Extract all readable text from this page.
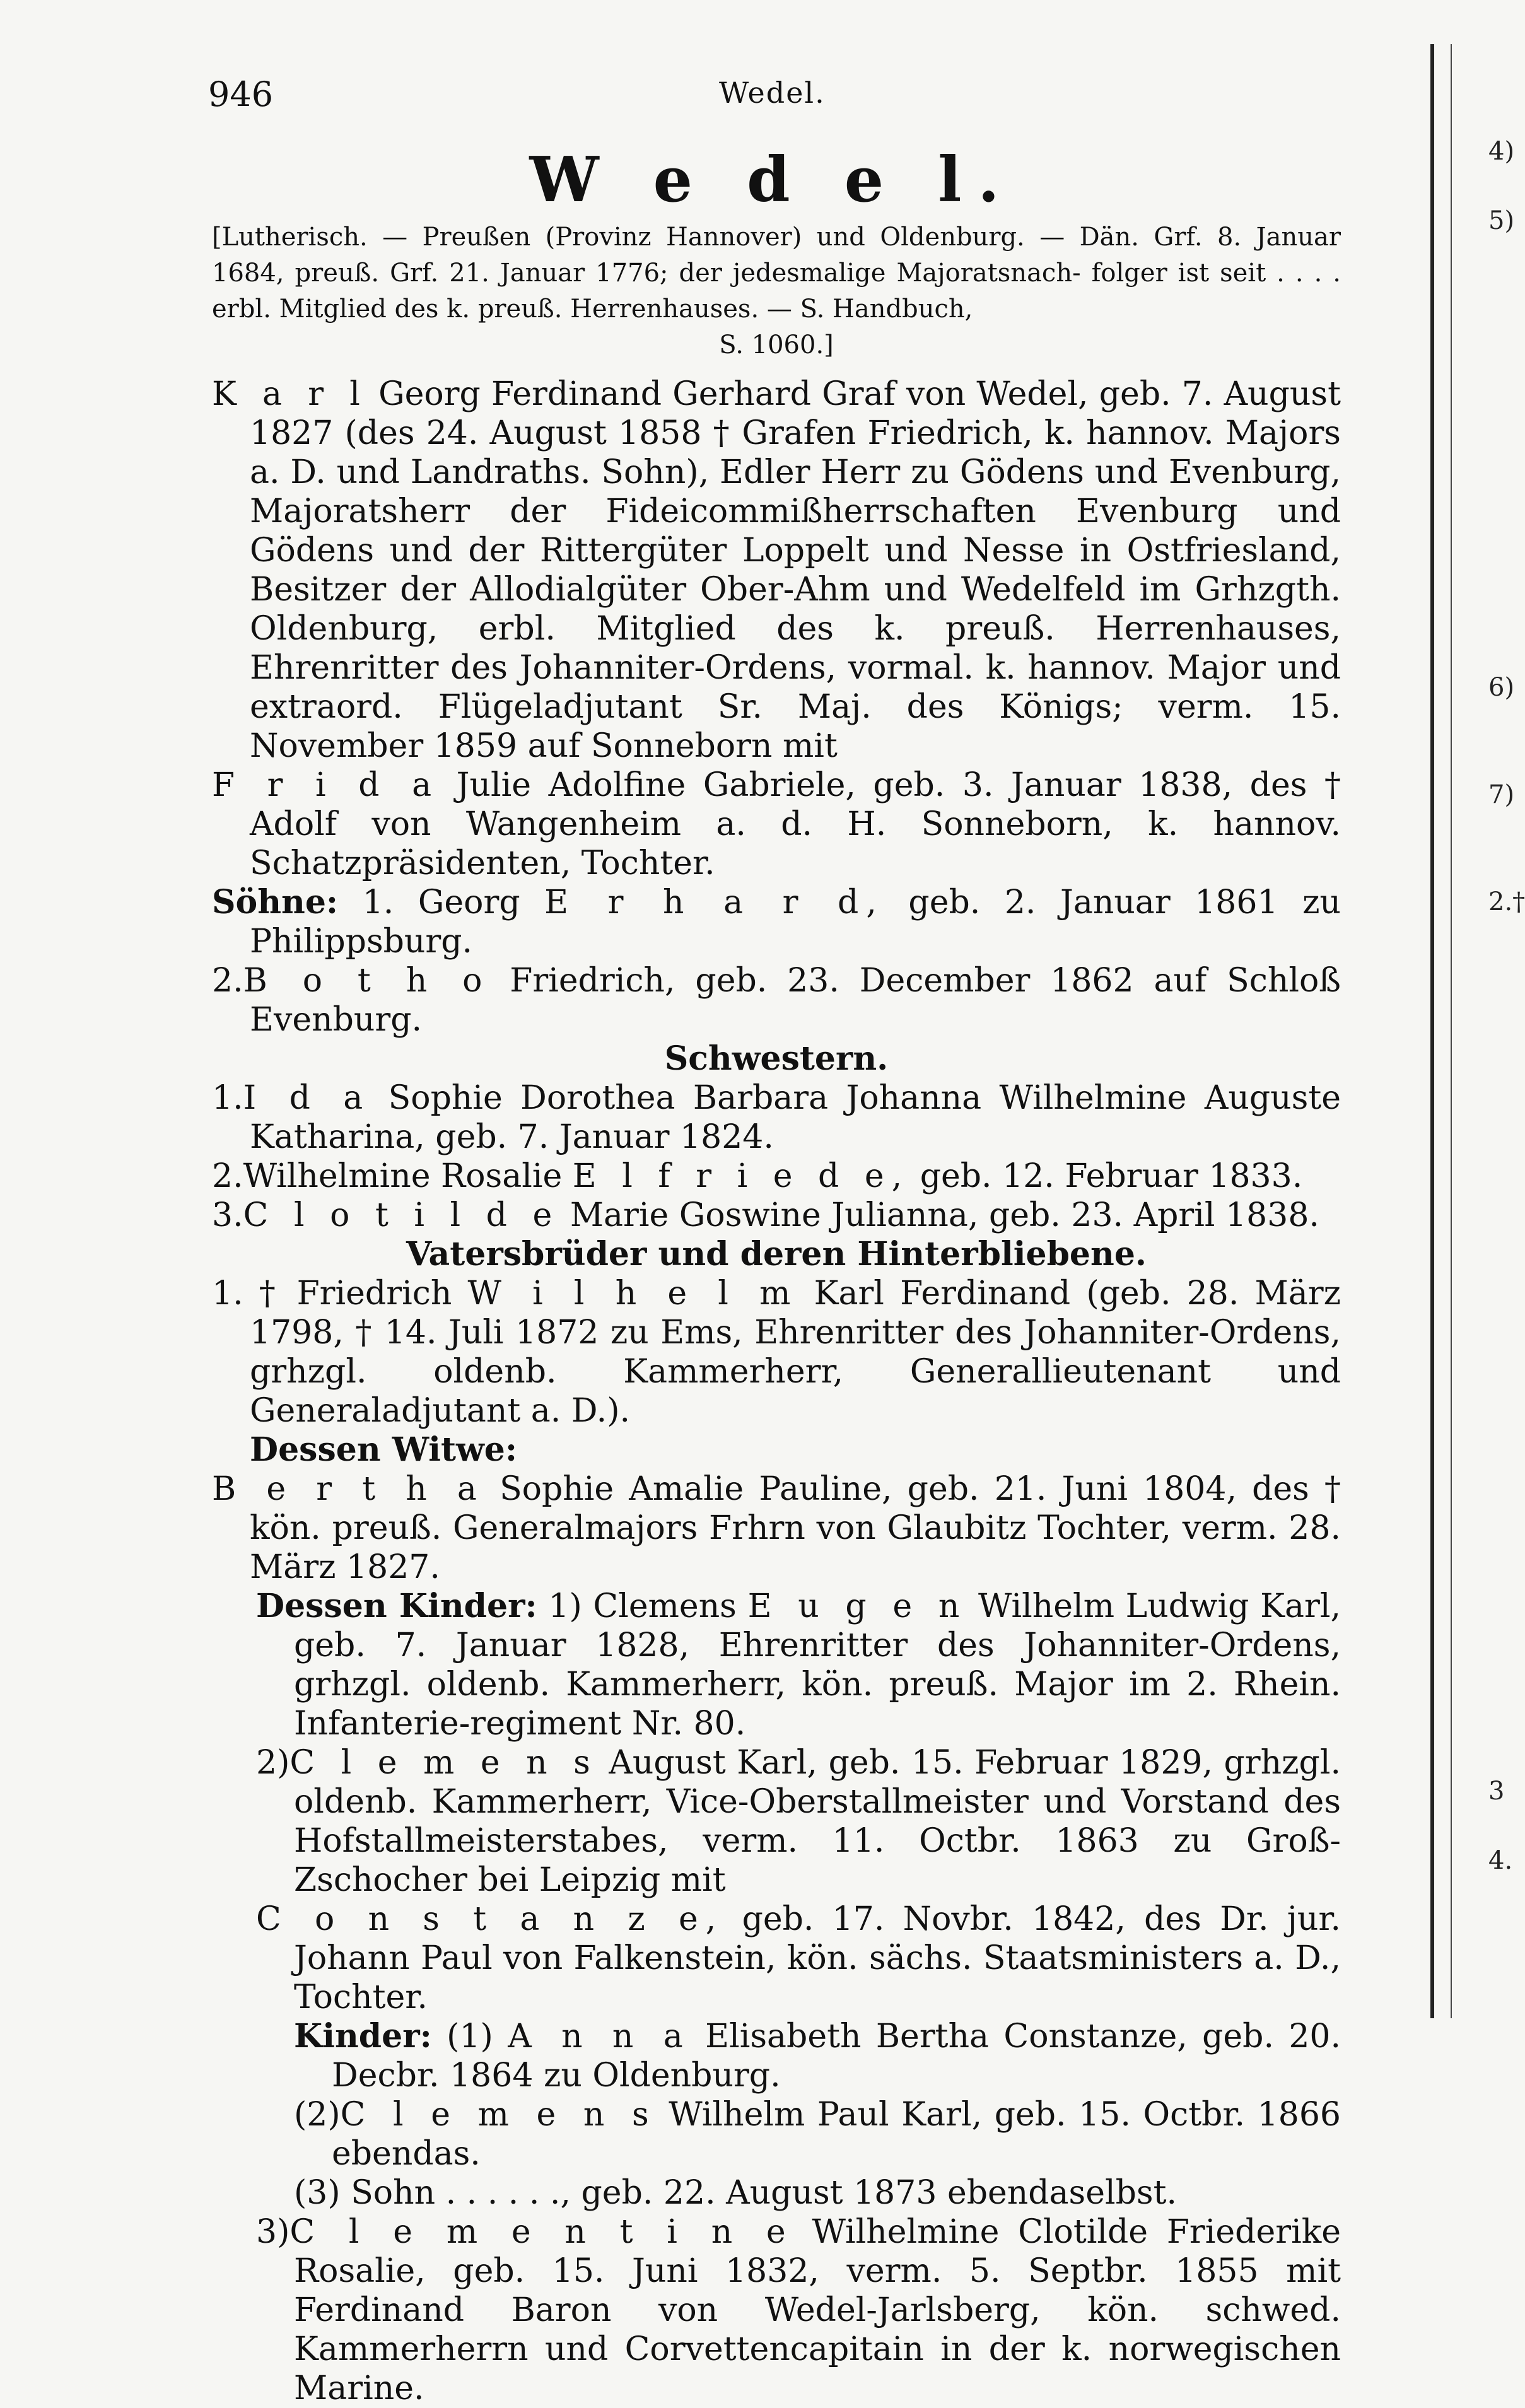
4)
5)
6)
7)
2.†
3
4.
946	Wedel.
W e d e l.
[Lutherisch. — Preußen (Provinz Hannover) und Oldenburg. — Dän. Grf. 8. Januar 1684, preuß. Grf. 21. Januar 1776; der jedesmalige Majoratsnach- folger ist seit . . . . erbl. Mitglied des k. preuß. Herrenhauses. — S. Handbuch,
S. 1060.]

K a r l Georg Ferdinand Gerhard Graf von Wedel, geb. 7. August 1827 (des 24. August 1858 † Grafen Friedrich, k. hannov. Majors a. D. und Landraths. Sohn), Edler Herr zu Gödens und Evenburg, Majoratsherr der Fideicommißherrschaften Evenburg und Gödens und der Rittergüter Loppelt und Nesse in Ostfriesland, Besitzer der Allodialgüter Ober-Ahm und Wedelfeld im Grhzgth. Oldenburg, erbl. Mitglied des k. preuß. Herrenhauses, Ehrenritter des Johanniter-Ordens, vormal. k. hannov. Major und extraord. Flügeladjutant Sr. Maj. des Königs; verm. 15. November 1859 auf Sonneborn mit

F r i d a Julie Adolfine Gabriele, geb. 3. Januar 1838, des † Adolf von Wangenheim a. d. H. Sonneborn, k. hannov. Schatzpräsidenten, Tochter.

Söhne: 1. Georg E r h a r d, geb. 2. Januar 1861 zu Philippsburg.

2.B o t h o Friedrich, geb. 23. December 1862 auf Schloß Evenburg.

Schwestern.

1.I d a Sophie Dorothea Barbara Johanna Wilhelmine Auguste Katharina, geb. 7. Januar 1824.

2.Wilhelmine Rosalie E l f r i e d e, geb. 12. Februar 1833.

3.C l o t i l d e Marie Goswine Julianna, geb. 23. April 1838.

Vatersbrüder und deren Hinterbliebene.

1. † Friedrich W i l h e l m Karl Ferdinand (geb. 28. März 1798, † 14. Juli 1872 zu Ems, Ehrenritter des Johanniter-Ordens, grhzgl. oldenb. Kammerherr, Generallieutenant und Generaladjutant a. D.).

Dessen Witwe:

B e r t h a Sophie Amalie Pauline, geb. 21. Juni 1804, des † kön. preuß. Generalmajors Frhrn von Glaubitz Tochter, verm. 28. März 1827.

Dessen Kinder: 1) Clemens E u g e n Wilhelm Ludwig Karl, geb. 7. Januar 1828, Ehrenritter des Johanniter-Ordens, grhzgl. oldenb. Kammerherr, kön. preuß. Major im 2. Rhein. Infanterie-regiment Nr. 80.

2)C l e m e n s August Karl, geb. 15. Februar 1829, grhzgl. oldenb. Kammerherr, Vice-Oberstallmeister und Vorstand des Hofstallmeisterstabes, verm. 11. Octbr. 1863 zu Groß-Zschocher bei Leipzig mit

C o n s t a n z e, geb. 17. Novbr. 1842, des Dr. jur. Johann Paul von Falkenstein, kön. sächs. Staatsministers a. D., Tochter.

Kinder: (1) A n n a Elisabeth Bertha Constanze, geb. 20. Decbr. 1864 zu Oldenburg.

(2)C l e m e n s Wilhelm Paul Karl, geb. 15. Octbr. 1866 ebendas.

(3) Sohn . . . . . ., geb. 22. August 1873 ebendaselbst.

3)C l e m e n t i n e Wilhelmine Clotilde Friederike Rosalie, geb. 15. Juni 1832, verm. 5. Septbr. 1855 mit Ferdinand Baron von Wedel-Jarlsberg, kön. schwed. Kammerherrn und Corvettencapitain in der k. norwegischen Marine.
